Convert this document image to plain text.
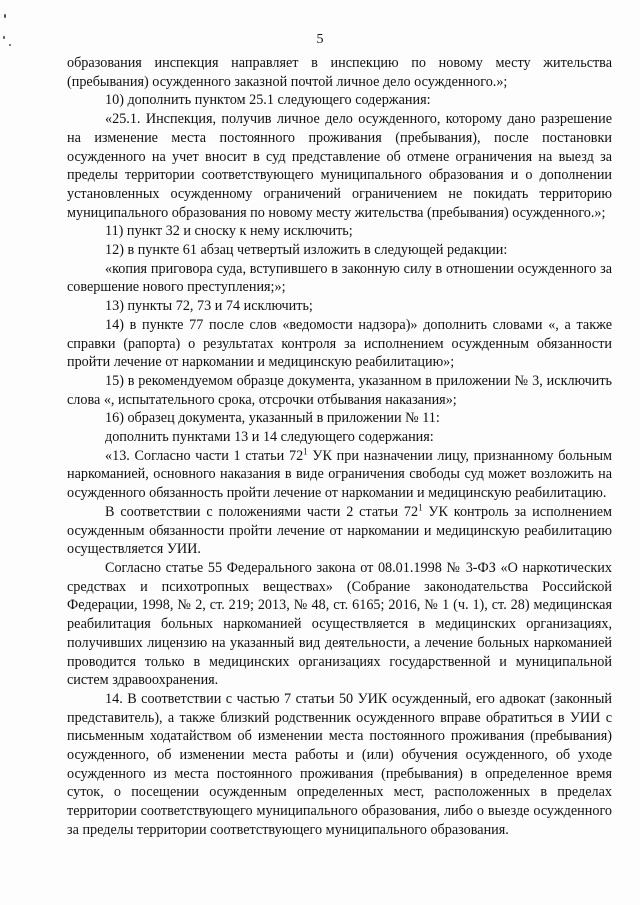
5

образования инспекция направляет в инспекцию по новому месту жительства (пребывания) осужденного заказной почтой личное дело осужденного.»;

10) дополнить пунктом 25.1 следующего содержания:

«25.1. Инспекция, получив личное дело осужденного, которому дано разрешение на изменение места постоянного проживания (пребывания), после постановки осужденного на учет вносит в суд представление об отмене ограничения на выезд за пределы территории соответствующего муниципального образования и о дополнении установленных осужденному ограничений ограничением не покидать территорию муниципального образования по новому месту жительства (пребывания) осужденного.»;

11) пункт 32 и сноску к нему исключить;

12) в пункте 61 абзац четвертый изложить в следующей редакции:

«копия приговора суда, вступившего в законную силу в отношении осужденного за совершение нового преступления;»;

13) пункты 72, 73 и 74 исключить;

14) в пункте 77 после слов «ведомости надзора)» дополнить словами «, а также справки (рапорта) о результатах контроля за исполнением осужденным обязанности пройти лечение от наркомании и медицинскую реабилитацию»;

15) в рекомендуемом образце документа, указанном в приложении № 3, исключить слова «, испытательного срока, отсрочки отбывания наказания»;

16) образец документа, указанный в приложении № 11:

дополнить пунктами 13 и 14 следующего содержания:

«13. Согласно части 1 статьи $72^1$ УК при назначении лицу, признанному больным наркоманией, основного наказания в виде ограничения свободы суд может возложить на осужденного обязанность пройти лечение от наркомании и медицинскую реабилитацию.

В соответствии с положениями части 2 статьи $72^1$ УК контроль за исполнением осужденным обязанности пройти лечение от наркомании и медицинскую реабилитацию осуществляется УИИ.

Согласно статье 55 Федерального закона от 08.01.1998 № 3-ФЗ «О наркотических средствах и психотропных веществах» (Собрание законодательства Российской Федерации, 1998, № 2, ст. 219; 2013, № 48, ст. 6165; 2016, № 1 (ч. 1), ст. 28) медицинская реабилитация больных наркоманией осуществляется в медицинских организациях, получивших лицензию на указанный вид деятельности, а лечение больных наркоманией проводится только в медицинских организациях государственной и муниципальной систем здравоохранения.

14. В соответствии с частью 7 статьи 50 УИК осужденный, его адвокат (законный представитель), а также близкий родственник осужденного вправе обратиться в УИИ с письменным ходатайством об изменении места постоянного проживания (пребывания) осужденного, об изменении места работы и (или) обучения осужденного, об уходе осужденного из места постоянного проживания (пребывания) в определенное время суток, о посещении осужденным определенных мест, расположенных в пределах территории соответствующего муниципального образования, либо о выезде осужденного за пределы территории соответствующего муниципального образования.
